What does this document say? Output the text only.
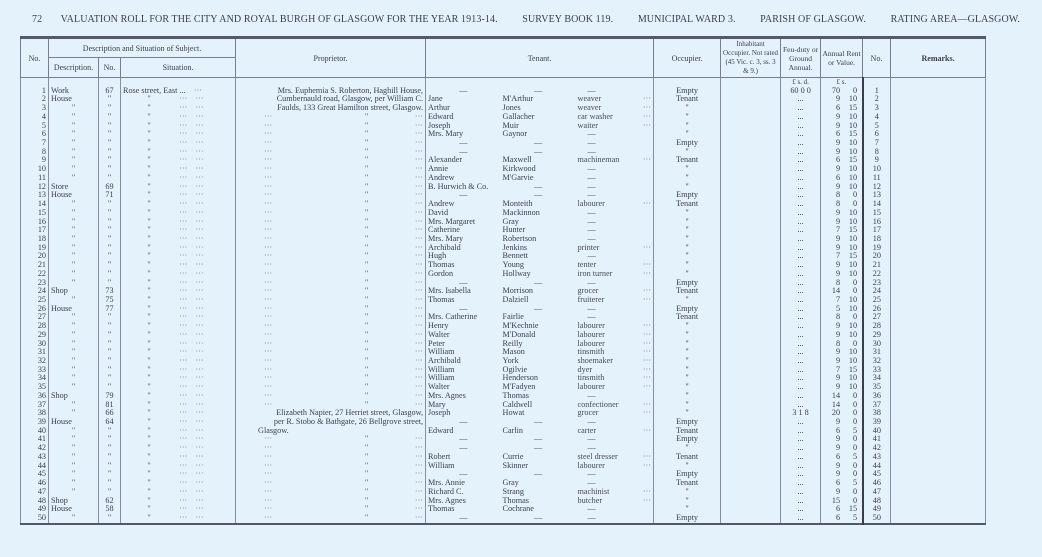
72 VALUATION ROLL FOR THE CITY AND ROYAL BURGH OF GLASGOW FOR THE YEAR 1913-14. SURVEY BOOK 119. MUNICIPAL WARD 3. PARISH OF GLASGOW. RATING AREA—GLASGOW.
No.	Description and Situation of Subject.			Proprietor.	Tenant.			Occupier.	Inhabitant Occupier. Not rated (45 Vic. c. 3, ss. 3 & 9.)	Feu-duty or Ground Annual.	Annual Rent or Value.	No.	Remarks.
	Description.	No.	Situation.										
										£ s. d.	£ s.		
1	Work	67	Rose street, East ...    ···	Mrs. Euphemia S. Roberton, Haghill House,	—	—	—	Empty		60 0 0	70 0	1	
2	House	"	" ···    ···	Cumbernauld road, Glasgow, per William C.	Jane	M'Arthur	weaver ···	Tenant		...	9 10	2	
3	"	"	" ···    ···	Faulds, 133 Great Hamilton street, Glasgow.	Arthur	Jones	weaver ···	"		...	6 15	3	
4	"	"	" ···    ···	··· " ···	Edward	Gallacher	car washer ···	"		...	9 10	4	
5	"	"	" ···    ···	··· " ···	Joseph	Muir	waiter ···	"		...	9 10	5	
6	"	"	" ···    ···	··· " ···	Mrs. Mary	Gaynor	—	"		...	6 15	6	
7	"	"	" ···    ···	··· " ···	—	—	—	Empty		...	9 10	7	
8	"	"	" ···    ···	··· " ···	—	—	—	"		...	9 10	8	
9	"	"	" ···    ···	··· " ···	Alexander	Maxwell	machineman ···	Tenant		...	6 15	9	
10	"	"	" ···    ···	··· " ···	Annie	Kirkwood	—	"		...	9 10	10	
11	"	"	" ···    ···	··· " ···	Andrew	M'Garvie	—	"		...	6 10	11	
12	Store	69	" ···    ···	··· " ···	B. Hurwich & Co.	—	—	"		...	9 10	12	
13	House	71	" ···    ···	··· " ···	—	—	—	Empty		...	8 0	13	
14	"	"	" ···    ···	··· " ···	Andrew	Monteith	labourer ···	Tenant		...	8 0	14	
15	"	"	" ···    ···	··· " ···	David	Mackinnon	—	"		...	9 10	15	
16	"	"	" ···    ···	··· " ···	Mrs. Margaret	Gray	—	"		...	9 10	16	
17	"	"	" ···    ···	··· " ···	Catherine	Hunter	—	"		...	7 15	17	
18	"	"	" ···    ···	··· " ···	Mrs. Mary	Robertson	—	"		...	9 10	18	
19	"	"	" ···    ···	··· " ···	Archibald	Jenkins	printer ···	"		...	9 10	19	
20	"	"	" ···    ···	··· " ···	Hugh	Bennett	—	"		...	7 15	20	
21	"	"	" ···    ···	··· " ···	Thomas	Young	tenter ···	"		...	9 10	21	
22	"	"	" ···    ···	··· " ···	Gordon	Hollway	iron turner ···	"		...	9 10	22	
23	"	"	" ···    ···	··· " ···	—	—	—	Empty		...	8 0	23	
24	Shop	73	" ···    ···	··· " ···	Mrs. Isabella	Morrison	grocer ···	Tenant		...	14 0	24	
25	"	75	" ···    ···	··· " ···	Thomas	Dalziell	fruiterer ···	"		...	7 10	25	
26	House	77	" ···    ···	··· " ···	—	—	—	Empty		...	5 10	26	
27	"	"	" ···    ···	··· " ···	Mrs. Catherine	Fairlie	—	Tenant		...	8 0	27	
28	"	"	" ···    ···	··· " ···	Henry	M'Kechnie	labourer ···	"		...	9 10	28	
29	"	"	" ···    ···	··· " ···	Walter	M'Donald	labourer ···	"		...	9 10	29	
30	"	"	" ···    ···	··· " ···	Peter	Reilly	labourer ···	"		...	8 0	30	
31	"	"	" ···    ···	··· " ···	William	Mason	tinsmith ···	"		...	9 10	31	
32	"	"	" ···    ···	··· " ···	Archibald	York	shoemaker ···	"		...	9 10	32	
33	"	"	" ···    ···	··· " ···	William	Ogilvie	dyer ···	"		...	7 15	33	
34	"	"	" ···    ···	··· " ···	William	Henderson	tinsmith ···	"		...	9 10	34	
35	"	"	" ···    ···	··· " ···	Walter	M'Fadyen	labourer ···	"		...	9 10	35	
36	Shop	79	" ···    ···	··· " ···	Mrs. Agnes	Thomas	—	"		...	14 0	36	
37	"	81	" ···    ···	··· " ···	Mary	Caldwell	confectioner ···	"		...	14 0	37	
38	"	66	" ···    ···	Elizabeth Napier, 27 Herriet street, Glasgow,	Joseph	Howat	grocer ···	"		3 1 8	20 0	38	
39	House	64	" ···    ···	per R. Stobo & Bathgate, 26 Bellgrove street,	—	—	—	Empty		...	9 0	39	
40	"	"	" ···    ···	Glasgow.	Edward	Carlin	carter ···	Tenant		...	6 5	40	
41	"	"	" ···    ···	··· " ···	—	—	—	Empty		...	9 0	41	
42	"	"	" ···    ···	··· " ···	—	—	—	"		...	9 0	42	
43	"	"	" ···    ···	··· " ···	Robert	Currie	steel dresser ···	Tenant		...	6 5	43	
44	"	"	" ···    ···	··· " ···	William	Skinner	labourer ···	"		...	9 0	44	
45	"	"	" ···    ···	··· " ···	—	—	—	Empty		...	9 0	45	
46	"	"	" ···    ···	··· " ···	Mrs. Annie	Gray	—	Tenant		...	6 5	46	
47	"	"	" ···    ···	··· " ···	Richard C.	Strang	machinist ···	"		...	9 0	47	
48	Shop	62	" ···    ···	··· " ···	Mrs. Agnes	Thomas	butcher ···	"		...	15 0	48	
49	House	58	" ···    ···	··· " ···	Thomas	Cochrane	—	"		...	6 15	49	
50	"	"	" ···    ···	··· " ···	—	—	—	Empty		...	6 5	50	
